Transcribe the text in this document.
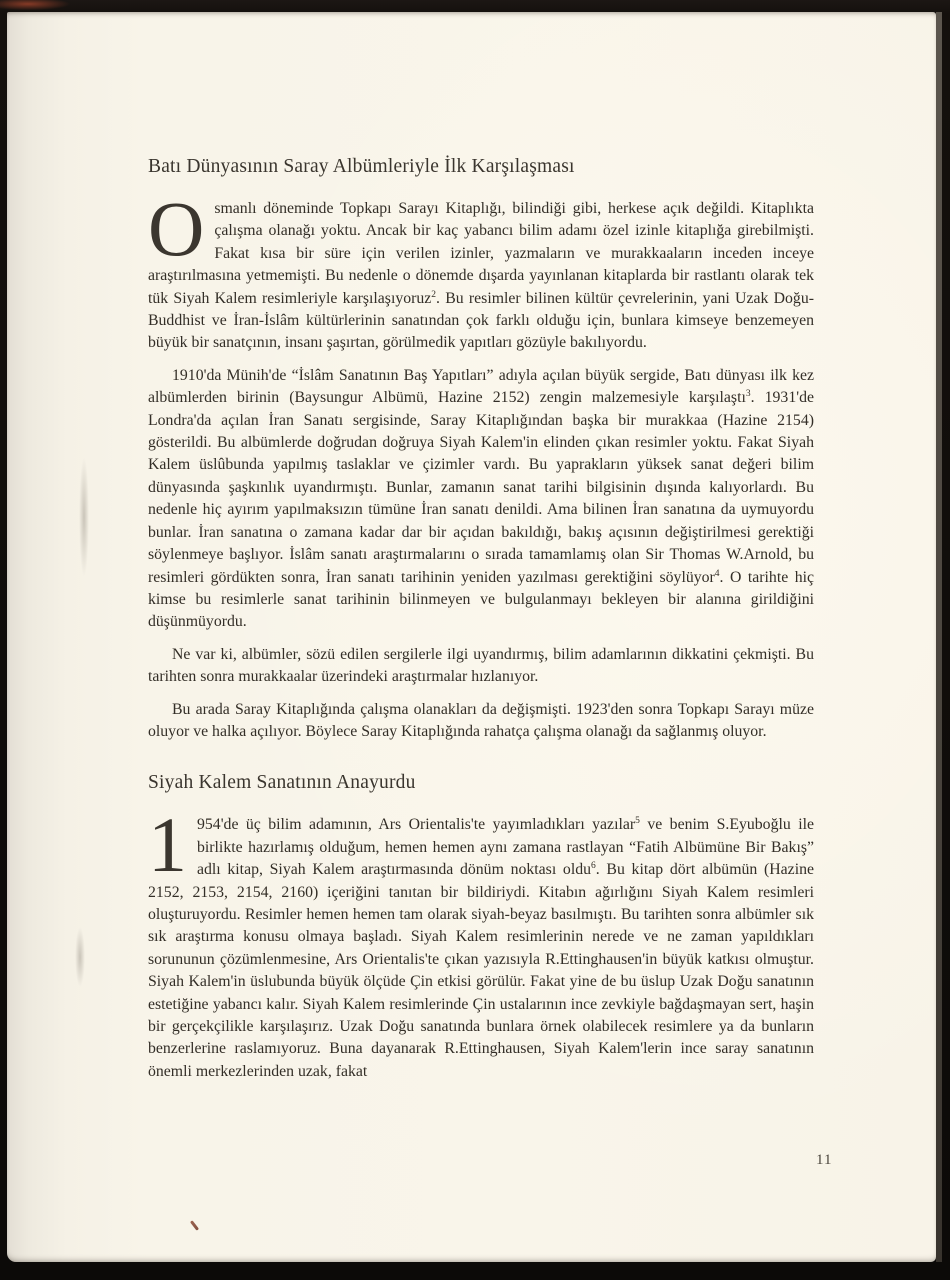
Batı Dünyasının Saray Albümleriyle İlk Karşılaşması

Osmanlı döneminde Topkapı Sarayı Kitaplığı, bilindiği gibi, herkese açık değildi. Kitaplıkta çalışma olanağı yoktu. Ancak bir kaç yabancı bilim adamı özel izinle kitaplığa girebilmişti. Fakat kısa bir süre için verilen izinler, yazmaların ve murakkaaların inceden inceye araştırılmasına yetmemişti. Bu nedenle o dönemde dışarda yayınlanan kitaplarda bir rastlantı olarak tek tük Siyah Kalem resimleriyle karşılaşıyoruz$^2$. Bu resimler bilinen kültür çevrelerinin, yani Uzak Doğu-Buddhist ve İran-İslâm kültürlerinin sanatından çok farklı olduğu için, bunlara kimseye benzemeyen büyük bir sanatçının, insanı şaşırtan, görülmedik yapıtları gözüyle bakılıyordu.

1910'da Münih'de “İslâm Sanatının Baş Yapıtları” adıyla açılan büyük sergide, Batı dünyası ilk kez albümlerden birinin (Baysungur Albümü, Hazine 2152) zengin malzemesiyle karşılaştı$^3$. 1931'de Londra'da açılan İran Sanatı sergisinde, Saray Kitaplığından başka bir murakkaa (Hazine 2154) gösterildi. Bu albümlerde doğrudan doğruya Siyah Kalem'in elinden çıkan resimler yoktu. Fakat Siyah Kalem üslûbunda yapılmış taslaklar ve çizimler vardı. Bu yaprakların yüksek sanat değeri bilim dünyasında şaşkınlık uyandırmıştı. Bunlar, zamanın sanat tarihi bilgisinin dışında kalıyorlardı. Bu nedenle hiç ayırım yapılmaksızın tümüne İran sanatı denildi. Ama bilinen İran sanatına da uymuyordu bunlar. İran sanatına o zamana kadar dar bir açıdan bakıldığı, bakış açısının değiştirilmesi gerektiği söylenmeye başlıyor. İslâm sanatı araştırmalarını o sırada tamamlamış olan Sir Thomas W.Arnold, bu resimleri gördükten sonra, İran sanatı tarihinin yeniden yazılması gerektiğini söylüyor$^4$. O tarihte hiç kimse bu resimlerle sanat tarihinin bilinmeyen ve bulgulanmayı bekleyen bir alanına girildiğini düşünmüyordu.

Ne var ki, albümler, sözü edilen sergilerle ilgi uyandırmış, bilim adamlarının dikkatini çekmişti. Bu tarihten sonra murakkaalar üzerindeki araştırmalar hızlanıyor.

Bu arada Saray Kitaplığında çalışma olanakları da değişmişti. 1923'den sonra Topkapı Sarayı müze oluyor ve halka açılıyor. Böylece Saray Kitaplığında rahatça çalışma olanağı da sağlanmış oluyor.

Siyah Kalem Sanatının Anayurdu

1 954'de üç bilim adamının, Ars Orientalis'te yayımladıkları yazılar$^5$ ve benim S.Eyuboğlu ile birlikte hazırlamış olduğum, hemen hemen aynı zamana rastlayan “Fatih Albümüne Bir Bakış” adlı kitap, Siyah Kalem araştırmasında dönüm noktası oldu$^6$. Bu kitap dört albümün (Hazine 2152, 2153, 2154, 2160) içeriğini tanıtan bir bildiriydi. Kitabın ağırlığını Siyah Kalem resimleri oluşturuyordu. Resimler hemen hemen tam olarak siyah-beyaz basılmıştı. Bu tarihten sonra albümler sık sık araştırma konusu olmaya başladı. Siyah Kalem resimlerinin nerede ve ne zaman yapıldıkları sorununun çözümlenmesine, Ars Orientalis'te çıkan yazısıyla R.Ettinghausen'in büyük katkısı olmuştur. Siyah Kalem'in üslubunda büyük ölçüde Çin etkisi görülür. Fakat yine de bu üslup Uzak Doğu sanatının estetiğine yabancı kalır. Siyah Kalem resimlerinde Çin ustalarının ince zevkiyle bağdaşmayan sert, haşin bir gerçekçilikle karşılaşırız. Uzak Doğu sanatında bunlara örnek olabilecek resimlere ya da bunların benzerlerine raslamıyoruz. Buna dayanarak R.Ettinghausen, Siyah Kalem'lerin ince saray sanatının önemli merkezlerinden uzak, fakat

11
